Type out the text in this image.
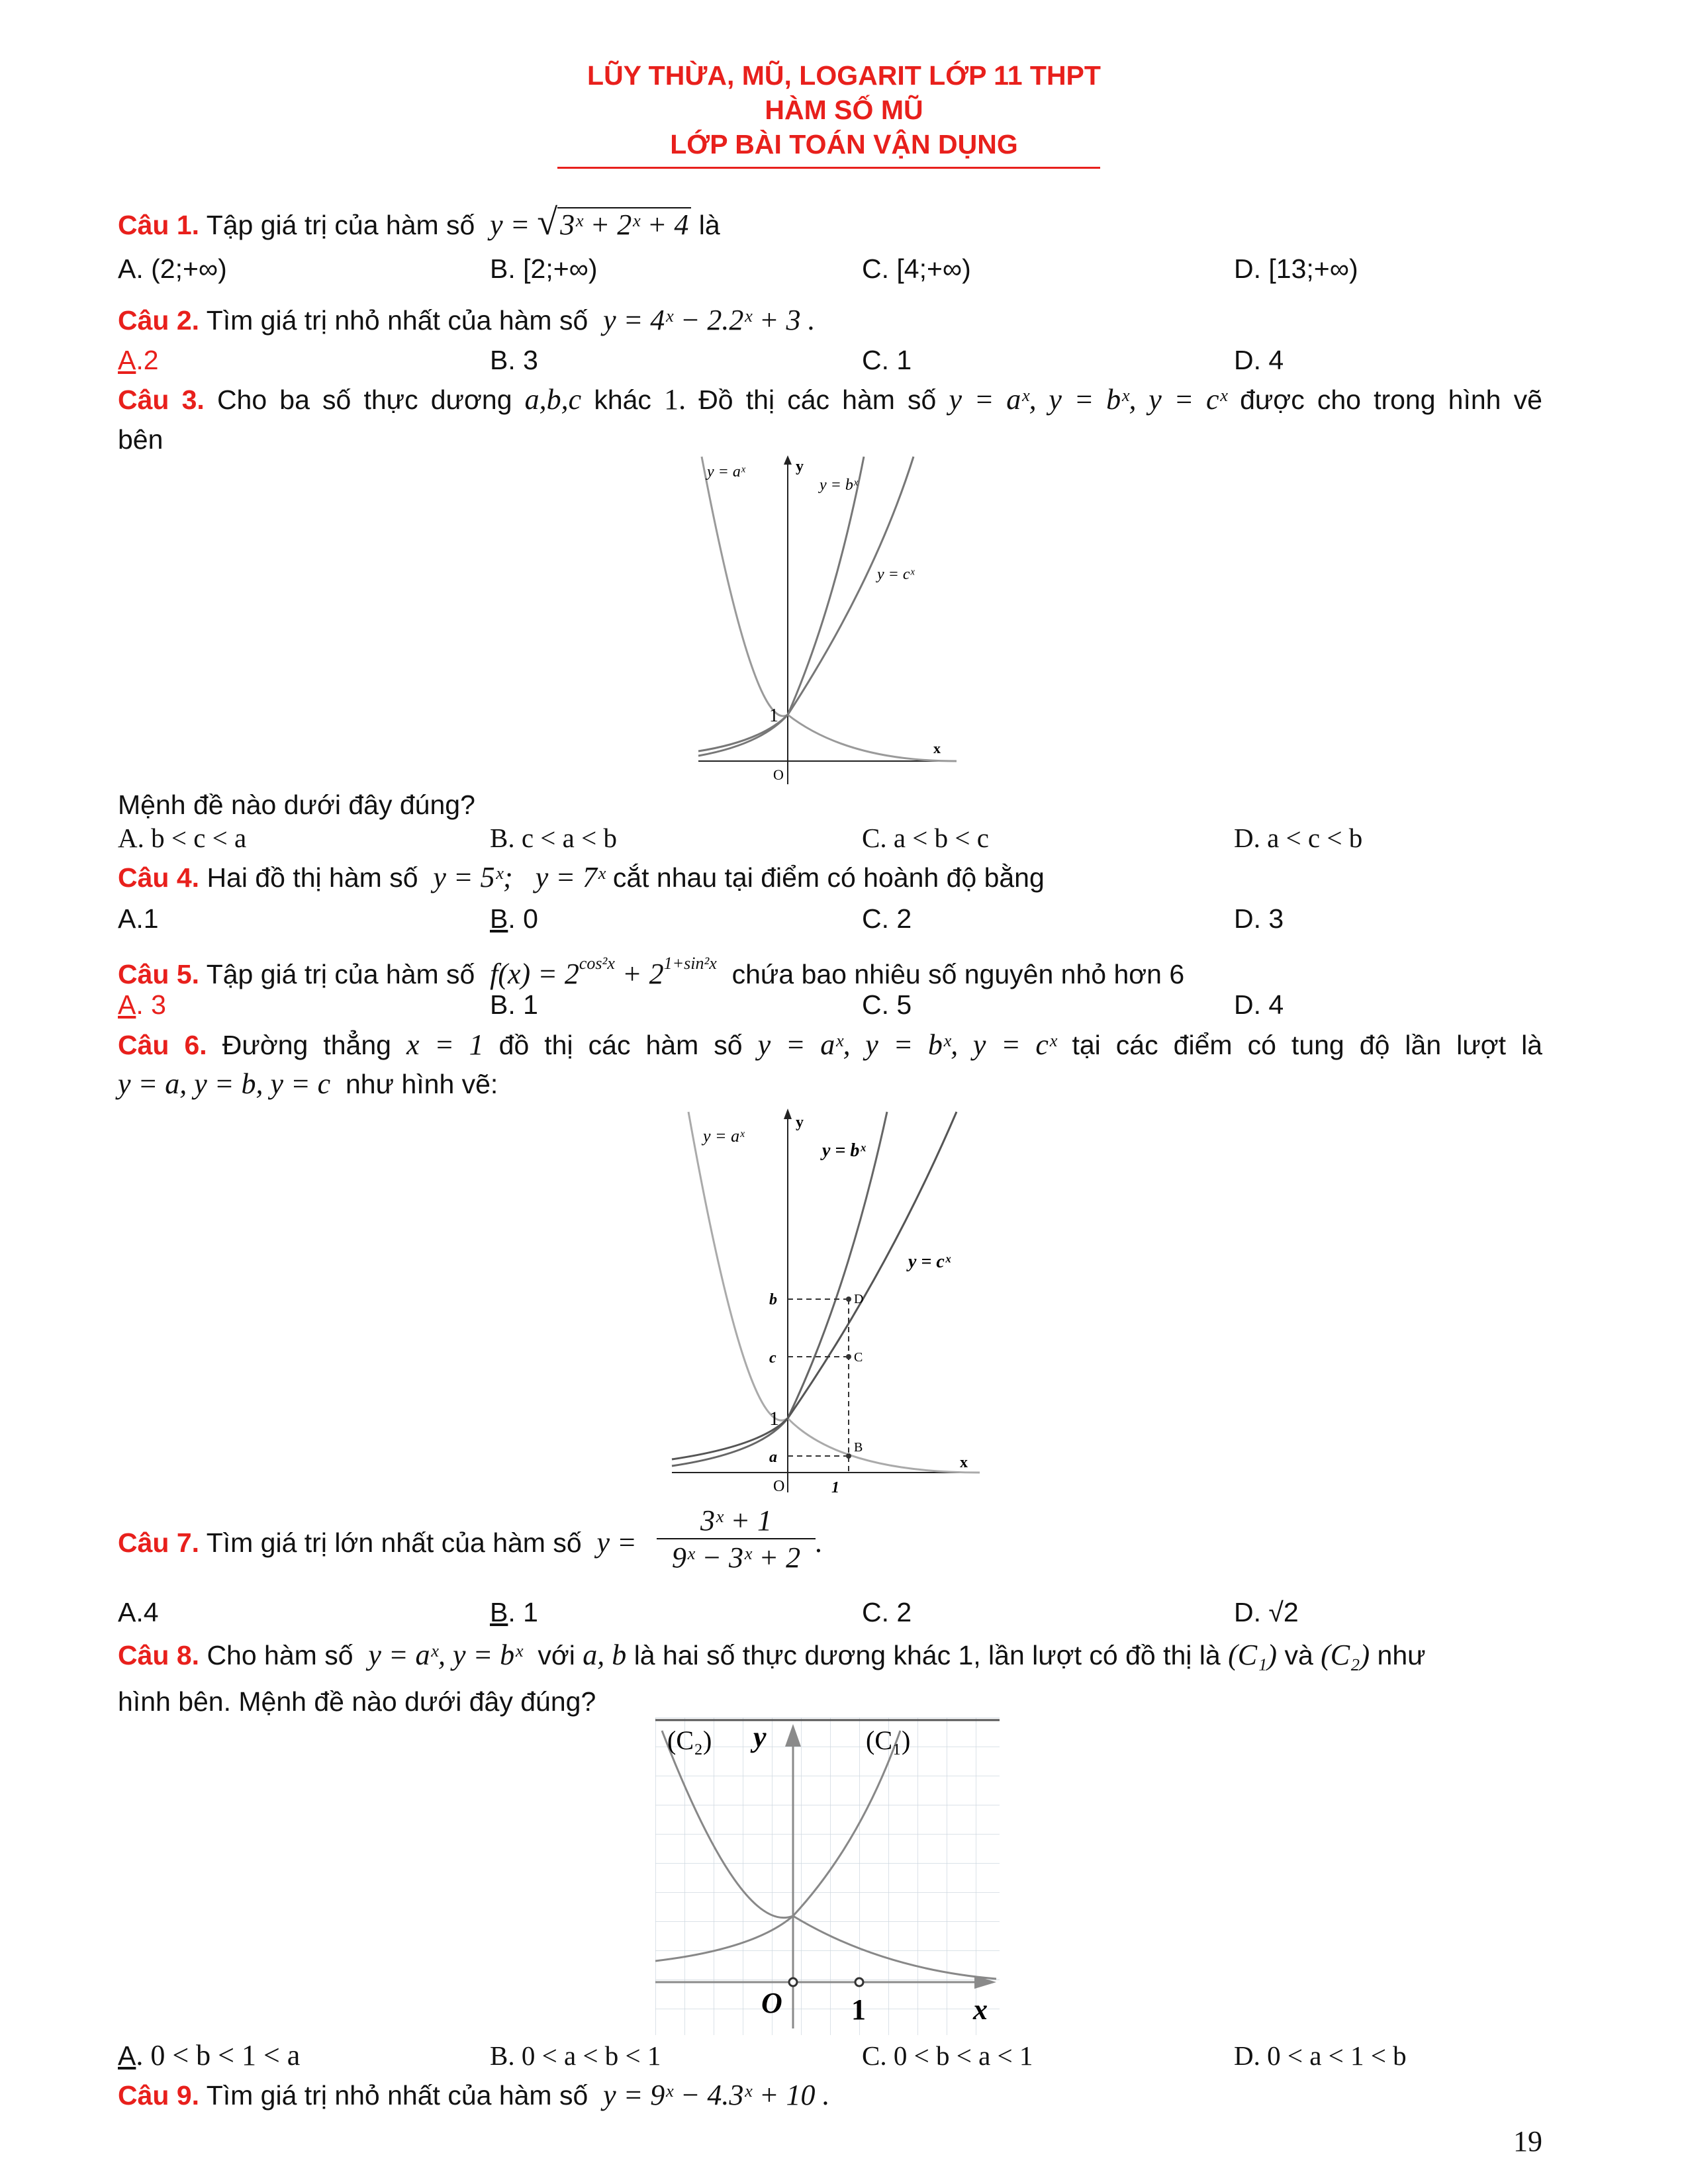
LŨY THỪA, MŨ, LOGARIT LỚP 11 THPT
HÀM SỐ MŨ
LỚP BÀI TOÁN VẬN DỤNG
Câu 1. Tập giá trị của hàm số y = √3ˣ + 2ˣ + 4 là
A. (2;+∞)	B. [2;+∞)	C. [4;+∞)	D. [13;+∞)
Câu 2. Tìm giá trị nhỏ nhất của hàm số y = 4ˣ − 2.2ˣ + 3 .
A.2	B. 3	C. 1	D. 4
Câu 3. Cho ba số thực dương a,b,c khác 1. Đồ thị các hàm số y = aˣ, y = bˣ, y = cˣ được cho trong hình vẽ
bên
y = aˣ
y = bˣ
y = cˣ
y
x
1
O
Mệnh đề nào dưới đây đúng?
A. b < c < a	B. c < a < b	C. a < b < c	D. a < c < b
Câu 4. Hai đồ thị hàm số y = 5ˣ; y = 7ˣ cắt nhau tại điểm có hoành độ bằng
A.1	B. 0	C. 2	D. 3
Câu 5. Tập giá trị của hàm số $f(x) = 2^{cos^2x} + 2^{1+sin^2x}$ chứa bao nhiêu số nguyên nhỏ hơn 6
A. 3	B. 1	C. 5	D. 4
Câu 6. Đường thẳng x = 1 đồ thị các hàm số y = aˣ, y = bˣ, y = cˣ tại các điểm có tung độ lần lượt là
y = a, y = b, y = c như hình vẽ:
y = aˣ
y = bˣ
y = cˣ
y
x
1
O
b
c
a
D
C
B
1
Câu 7. Tìm giá trị lớn nhất của hàm số $y = \frac{\text{3ˣ + 1}}{\text{9ˣ − 3ˣ + 2}}$ .
A.4	B. 1	C. 2	D. √2
Câu 8. Cho hàm số y = aˣ, y = bˣ với a, b là hai số thực dương khác 1, lần lượt có đồ thị là (C₁) và (C₂) như
hình bên. Mệnh đề nào dưới đây đúng?
(C₂)	(C₁)
y
x
O 1
A. 0 < b < 1 < a	B. 0 < a < b < 1	C. 0 < b < a < 1	D. 0 < a < 1 < b
Câu 9. Tìm giá trị nhỏ nhất của hàm số y = 9ˣ − 4.3ˣ + 10 .
19
